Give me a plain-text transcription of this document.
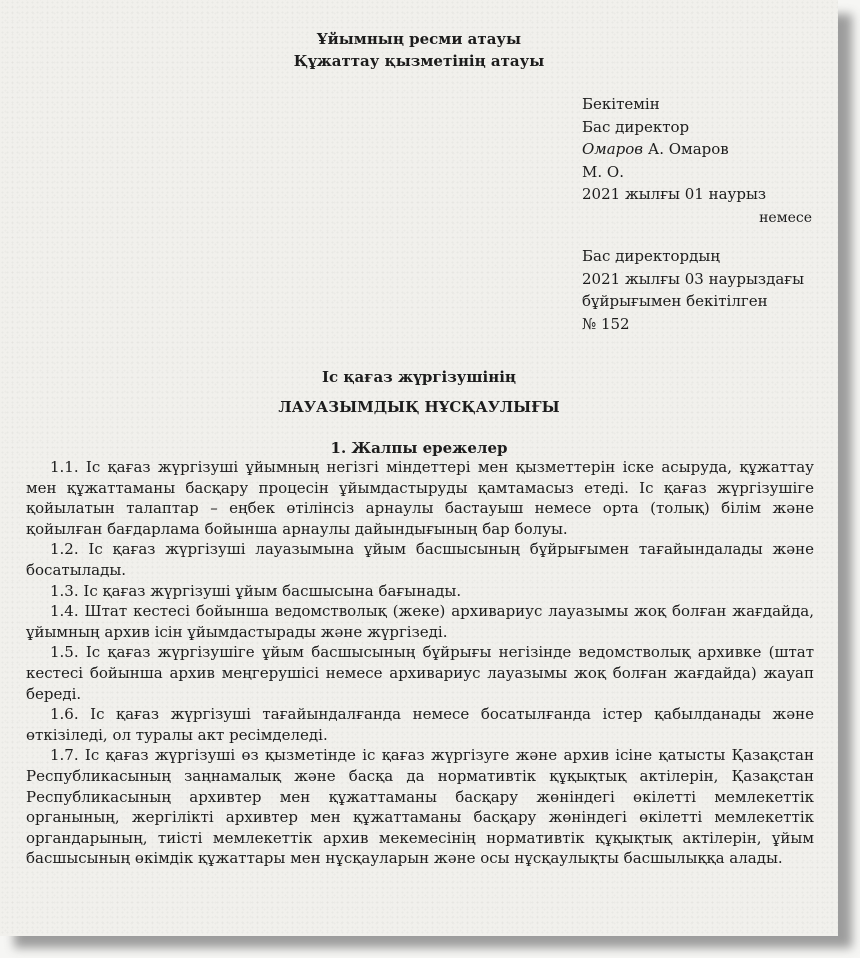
Ұйымның ресми атауы
Құжаттау қызметінің атауы
Бекітемін
Бас директор
Омаров А. Омаров
М. О.
2021 жылғы 01 наурыз
немесе
Бас директордың
2021 жылғы 03 наурыздағы
бұйрығымен бекітілген
№ 152
Іс қағаз жүргізушінің
ЛАУАЗЫМДЫҚ НҰСҚАУЛЫҒЫ
1. Жалпы ережелер

1.1. Іс қағаз жүргізуші ұйымның негізгі міндеттері мен қызметтерін іске асыруда, құжаттау мен құжаттаманы басқару процесін ұйымдастыруды қамтамасыз етеді. Іс қағаз жүргізушіге қойылатын талаптар – еңбек өтілінсіз арнаулы бастауыш немесе орта (толық) білім және қойылған бағдарлама бойынша арнаулы дайындығының бар болуы.

1.2. Іс қағаз жүргізуші лауазымына ұйым басшысының бұйрығымен тағайындалады және босатылады.

1.3. Іс қағаз жүргізуші ұйым басшысына бағынады.

1.4. Штат кестесі бойынша ведомстволық (жеке) архивариус лауазымы жоқ болған жағдайда, ұйымның архив ісін ұйымдастырады және жүргізеді.

1.5. Іс қағаз жүргізушіге ұйым басшысының бұйрығы негізінде ведомстволық архивке (штат кестесі бойынша архив меңгерушісі немесе архивариус лауазымы жоқ болған жағдайда) жауап береді.

1.6. Іс қағаз жүргізуші тағайындалғанда немесе босатылғанда істер қабылданады және өткізіледі, ол туралы акт ресімделеді.

1.7. Іс қағаз жүргізуші өз қызметінде іс қағаз жүргізуге және архив ісіне қатысты Қазақстан Республикасының заңнамалық және басқа да нормативтік құқықтық актілерін, Қазақстан Республикасының архивтер мен құжаттаманы басқару жөніндегі өкілетті мемлекеттік органының, жергілікті архивтер мен құжаттаманы басқару жөніндегі өкілетті мемлекеттік органдарының, тиісті мемлекеттік архив мекемесінің нормативтік құқықтық актілерін, ұйым басшысының өкімдік құжаттары мен нұсқауларын және осы нұсқаулықты басшылыққа алады.
